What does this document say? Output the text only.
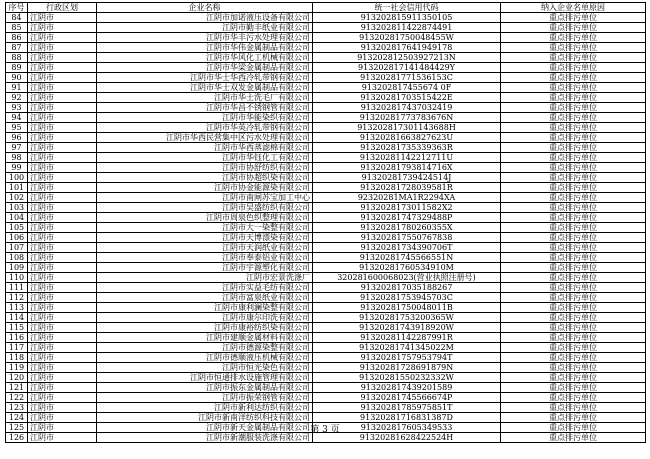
序号	行政区划	企业名称	统一社会信用代码	纳入企业名单原因
84	江阴市	江阴市加诺液压设备有限公司	913202815911350105	重点排污单位
85	江阴市	江阴市勤丰纸业有限公司	913202811422874491	重点排污单位
86	江阴市	江阴市华丰污水处理有限公司	91320281750048455W	重点排污单位
87	江阴市	江阴市华伟金属制品有限公司	913202817641949178	重点排污单位
88	江阴市	江阴市华风化工机械有限公司	913202812503927213N	重点排污单位
89	江阴市	江阴市华梁金属制品有限公司	913202817141484429Y	重点排污单位
90	江阴市	江阴市华士华西冷轧带钢有限公司	91320281771536153C	重点排污单位
91	江阴市	江阴市华士双发金属制品有限公司	913202817455674 0F	重点排污单位
92	江阴市	江阴市华士洗毛厂有限公司	91320281703515422E	重点排污单位
93	江阴市	江阴市华昌不锈钢管有限公司	913202817437032419	重点排污单位
94	江阴市	江阴市华能染织有限公司	91320281773783676N	重点排污单位
95	江阴市	江阴市华英冷轧带钢有限公司	913202817301143688H	重点排污单位
96	江阴市	江阴市华西民营集中区污水处理有限公司	91320281663827623U	重点排污单位
97	江阴市	江阴市华西蒸滤棉有限公司	91320281735339363R	重点排污单位
98	江阴市	江阴市华钰化工有限公司	91320281142212711U	重点排污单位
99	江阴市	江阴市协舒纺织有限公司	91320281793814716X	重点排污单位
100	江阴市	江阴市协超织染有限公司	91320281739424514J	重点排污单位
101	江阴市	江阴市协金能源染有限公司	913202817280395​81R	重点排污单位
102	江阴市	江阴市南闸苏宝加工中心	92320281MA1R2294XA	重点排污单位
103	江阴市	江阴市吴盛纺织有限公司	91320281730115​82X2	重点排污单位
104	江阴市	江阴市周泉色织整理有限公司	913202817473294​88P	重点排污单位
105	江阴市	江阴市大一染整有限公司	91320281780260355X	重点排污单位
106	江阴市	江阴市天博漂染有限公司	913202817550767838	重点排污单位
107	江阴市	江阴市天润纸业有限公司	91320281734390706T	重点排污单位
108	江阴市	江阴市奉泰铝业有限公司	91320281745566551N	重点排污单位
109	江阴市	江阴市宇源塑化有限公司	91320281760534910M	重点排污单位
110	江阴市	江阴市宏景洗涤厂	320281600068023(营业执照注册号)	重点排污单位
111	江阴市	江阴市实益毛纺有限公司	91320281703518​8267	重点排污单位
112	江阴市	江阴市富泉纸业有限公司	91320281753945703C	重点排污单位
113	江阴市	江阴市康利澜染整有限公司	91320281750048011B	重点排污单位
114	江阴市	江阴市康尔印洗有限公司	91320281753200365W	重点排污单位
115	江阴市	江阴市康裕纺织染有限公司	913202817439189​20W	重点排污单位
116	江阴市	江阴市建顺金属材料有限公司	913202811422879​91R	重点排污单位
117	江阴市	江阴市德源染整有限公司	91320281741345022M	重点排污单位
118	江阴市	江阴市德顺液压机械有限公司	91320281757953794T	重点排污单位
119	江阴市	江阴市恒光染色有限公司	91320281728691879N	重点排污单位
120	江阴市	江阴市恒通排水设施管理有限公司	91320281550232332W	重点排污单位
121	江阴市	江阴市振东金属制品有限公司	913202817439201589	重点排污单位
122	江阴市	江阴市振荣钢管有限公司	91320281745566674P	重点排污单位
123	江阴市	江阴市新利达纺织有限公司	91320281785975851T	重点排污单位
124	江阴市	江阴市新南洋纺织科技有限公司	91320281716831387D	重点排污单位
125	江阴市	江阴市新天金属制品有限公司	913202817605349533	重点排污单位
126	江阴市	江阴市新潮服装洗涤有限公司	91320281628422524H	重点排污单位
第 3 页
